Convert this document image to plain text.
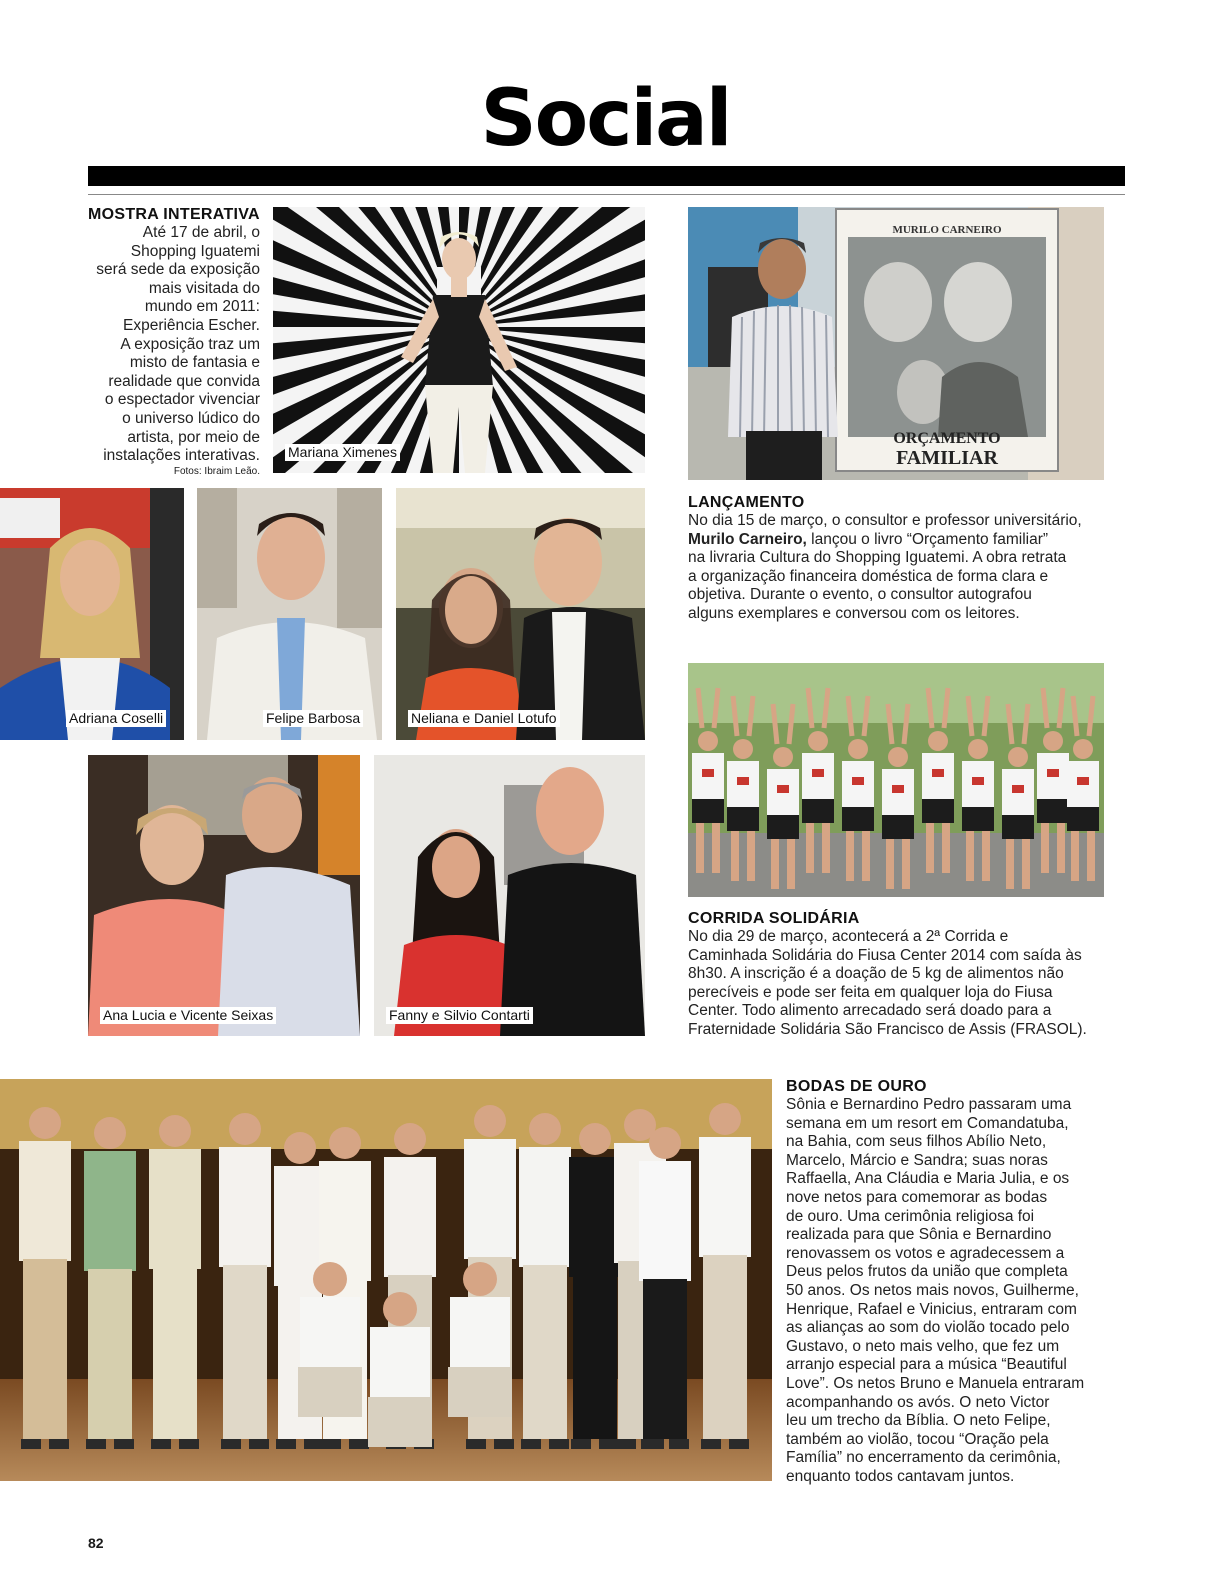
Social
MOSTRA INTERATIVA
Até 17 de abril, o
Shopping Iguatemi
será sede da exposição
mais visitada do
mundo em 2011:
Experiência Escher.
A exposição traz um
misto de fantasia e
realidade que convida
o espectador vivenciar
o universo lúdico do
artista, por meio de
instalações interativas.
Fotos: Ibraim Leão.
Mariana Ximenes
MURILO CARNEIRO
ORÇAMENTO
FAMILIAR
LANÇAMENTO
No dia 15 de março, o consultor e professor universitário,
Murilo Carneiro, lançou o livro “Orçamento familiar”
na livraria Cultura do Shopping Iguatemi. A obra retrata
a organização financeira doméstica de forma clara e
objetiva. Durante o evento, o consultor autografou
alguns exemplares e conversou com os leitores.
Adriana Coselli	Felipe Barbosa	Neliana e Daniel Lotufo
Ana Lucia e Vicente Seixas	Fanny e Silvio Contarti
CORRIDA SOLIDÁRIA
No dia 29 de março, acontecerá a 2ª Corrida e
Caminhada Solidária do Fiusa Center 2014 com saída às
8h30. A inscrição é a doação de 5 kg de alimentos não
perecíveis e pode ser feita em qualquer loja do Fiusa
Center. Todo alimento arrecadado será doado para a
Fraternidade Solidária São Francisco de Assis (FRASOL).
BODAS DE OURO
Sônia e Bernardino Pedro passaram uma
semana em um resort em Comandatuba,
na Bahia, com seus filhos Abílio Neto,
Marcelo, Márcio e Sandra; suas noras
Raffaella, Ana Cláudia e Maria Julia, e os
nove netos para comemorar as bodas
de ouro. Uma cerimônia religiosa foi
realizada para que Sônia e Bernardino
renovassem os votos e agradecessem a
Deus pelos frutos da união que completa
50 anos. Os netos mais novos, Guilherme,
Henrique, Rafael e Vinicius, entraram com
as alianças ao som do violão tocado pelo
Gustavo, o neto mais velho, que fez um
arranjo especial para a música “Beautiful
Love”. Os netos Bruno e Manuela entraram
acompanhando os avós. O neto Victor
leu um trecho da Bíblia. O neto Felipe,
também ao violão, tocou “Oração pela
Família” no encerramento da cerimônia,
enquanto todos cantavam juntos.
82
